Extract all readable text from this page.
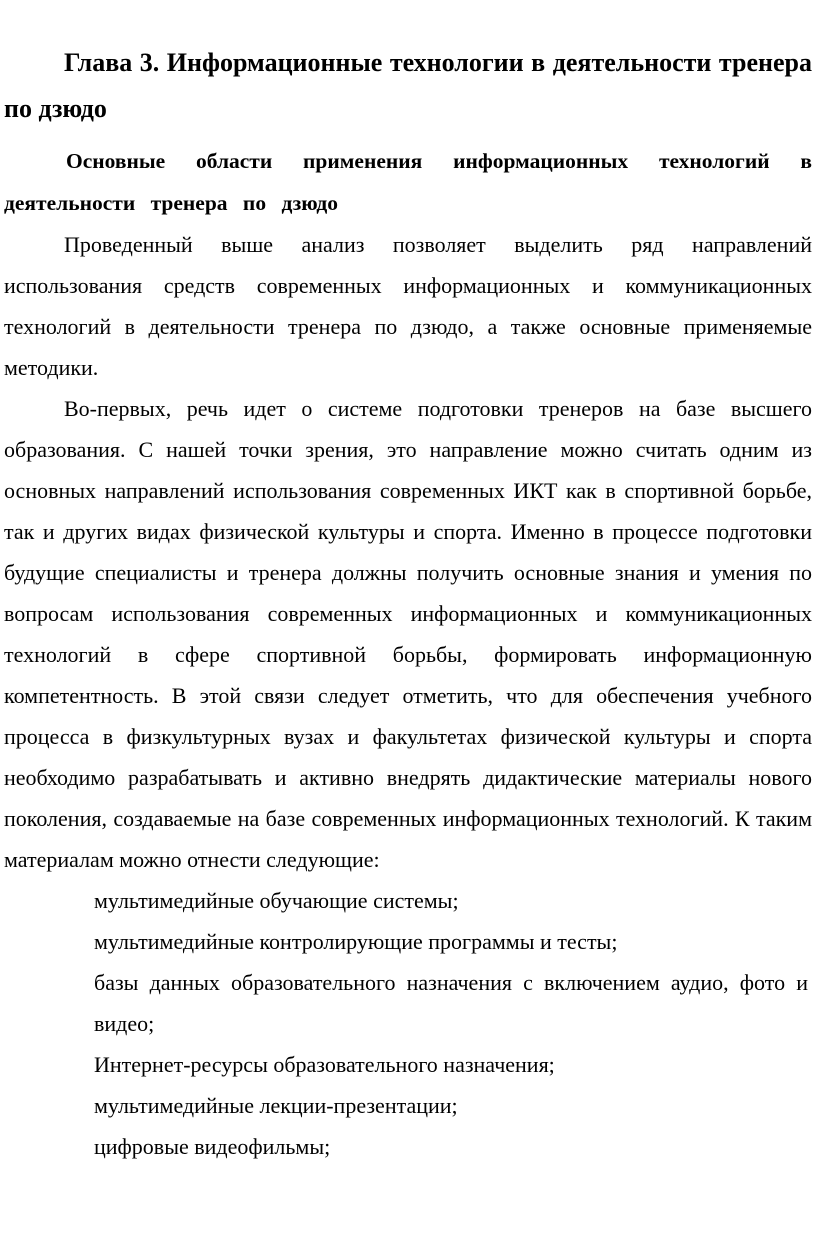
Глава 3. Информационные технологии в деятельности тренера по дзюдо
Основные области применения информационных технологий в деятельности тренера по дзюдо

Проведенный выше анализ позволяет выделить ряд направлений использования средств современных информационных и коммуникационных технологий в деятельности тренера по дзюдо, а также основные применяемые методики.

Во-первых, речь идет о системе подготовки тренеров на базе высшего образования. С нашей точки зрения, это направление можно считать одним из основных направлений использования современных ИКТ как в спортивной борьбе, так и других видах физической культуры и спорта. Именно в процессе подготовки будущие специалисты и тренера должны получить основные знания и умения по вопросам использования современных информационных и коммуникационных технологий в сфере спортивной борьбы, формировать информационную компетентность. В этой связи следует отметить, что для обеспечения учебного процесса в физкультурных вузах и факультетах физической культуры и спорта необходимо разрабатывать и активно внедрять дидактические материалы нового поколения, создаваемые на базе современных информационных технологий. К таким материалам можно отнести следующие:

мультимедийные обучающие системы;
мультимедийные контролирующие программы и тесты;
базы данных образовательного назначения с включением аудио, фото и видео;
Интернет-ресурсы образовательного назначения;
мультимедийные лекции-презентации;
цифровые видеофильмы;
